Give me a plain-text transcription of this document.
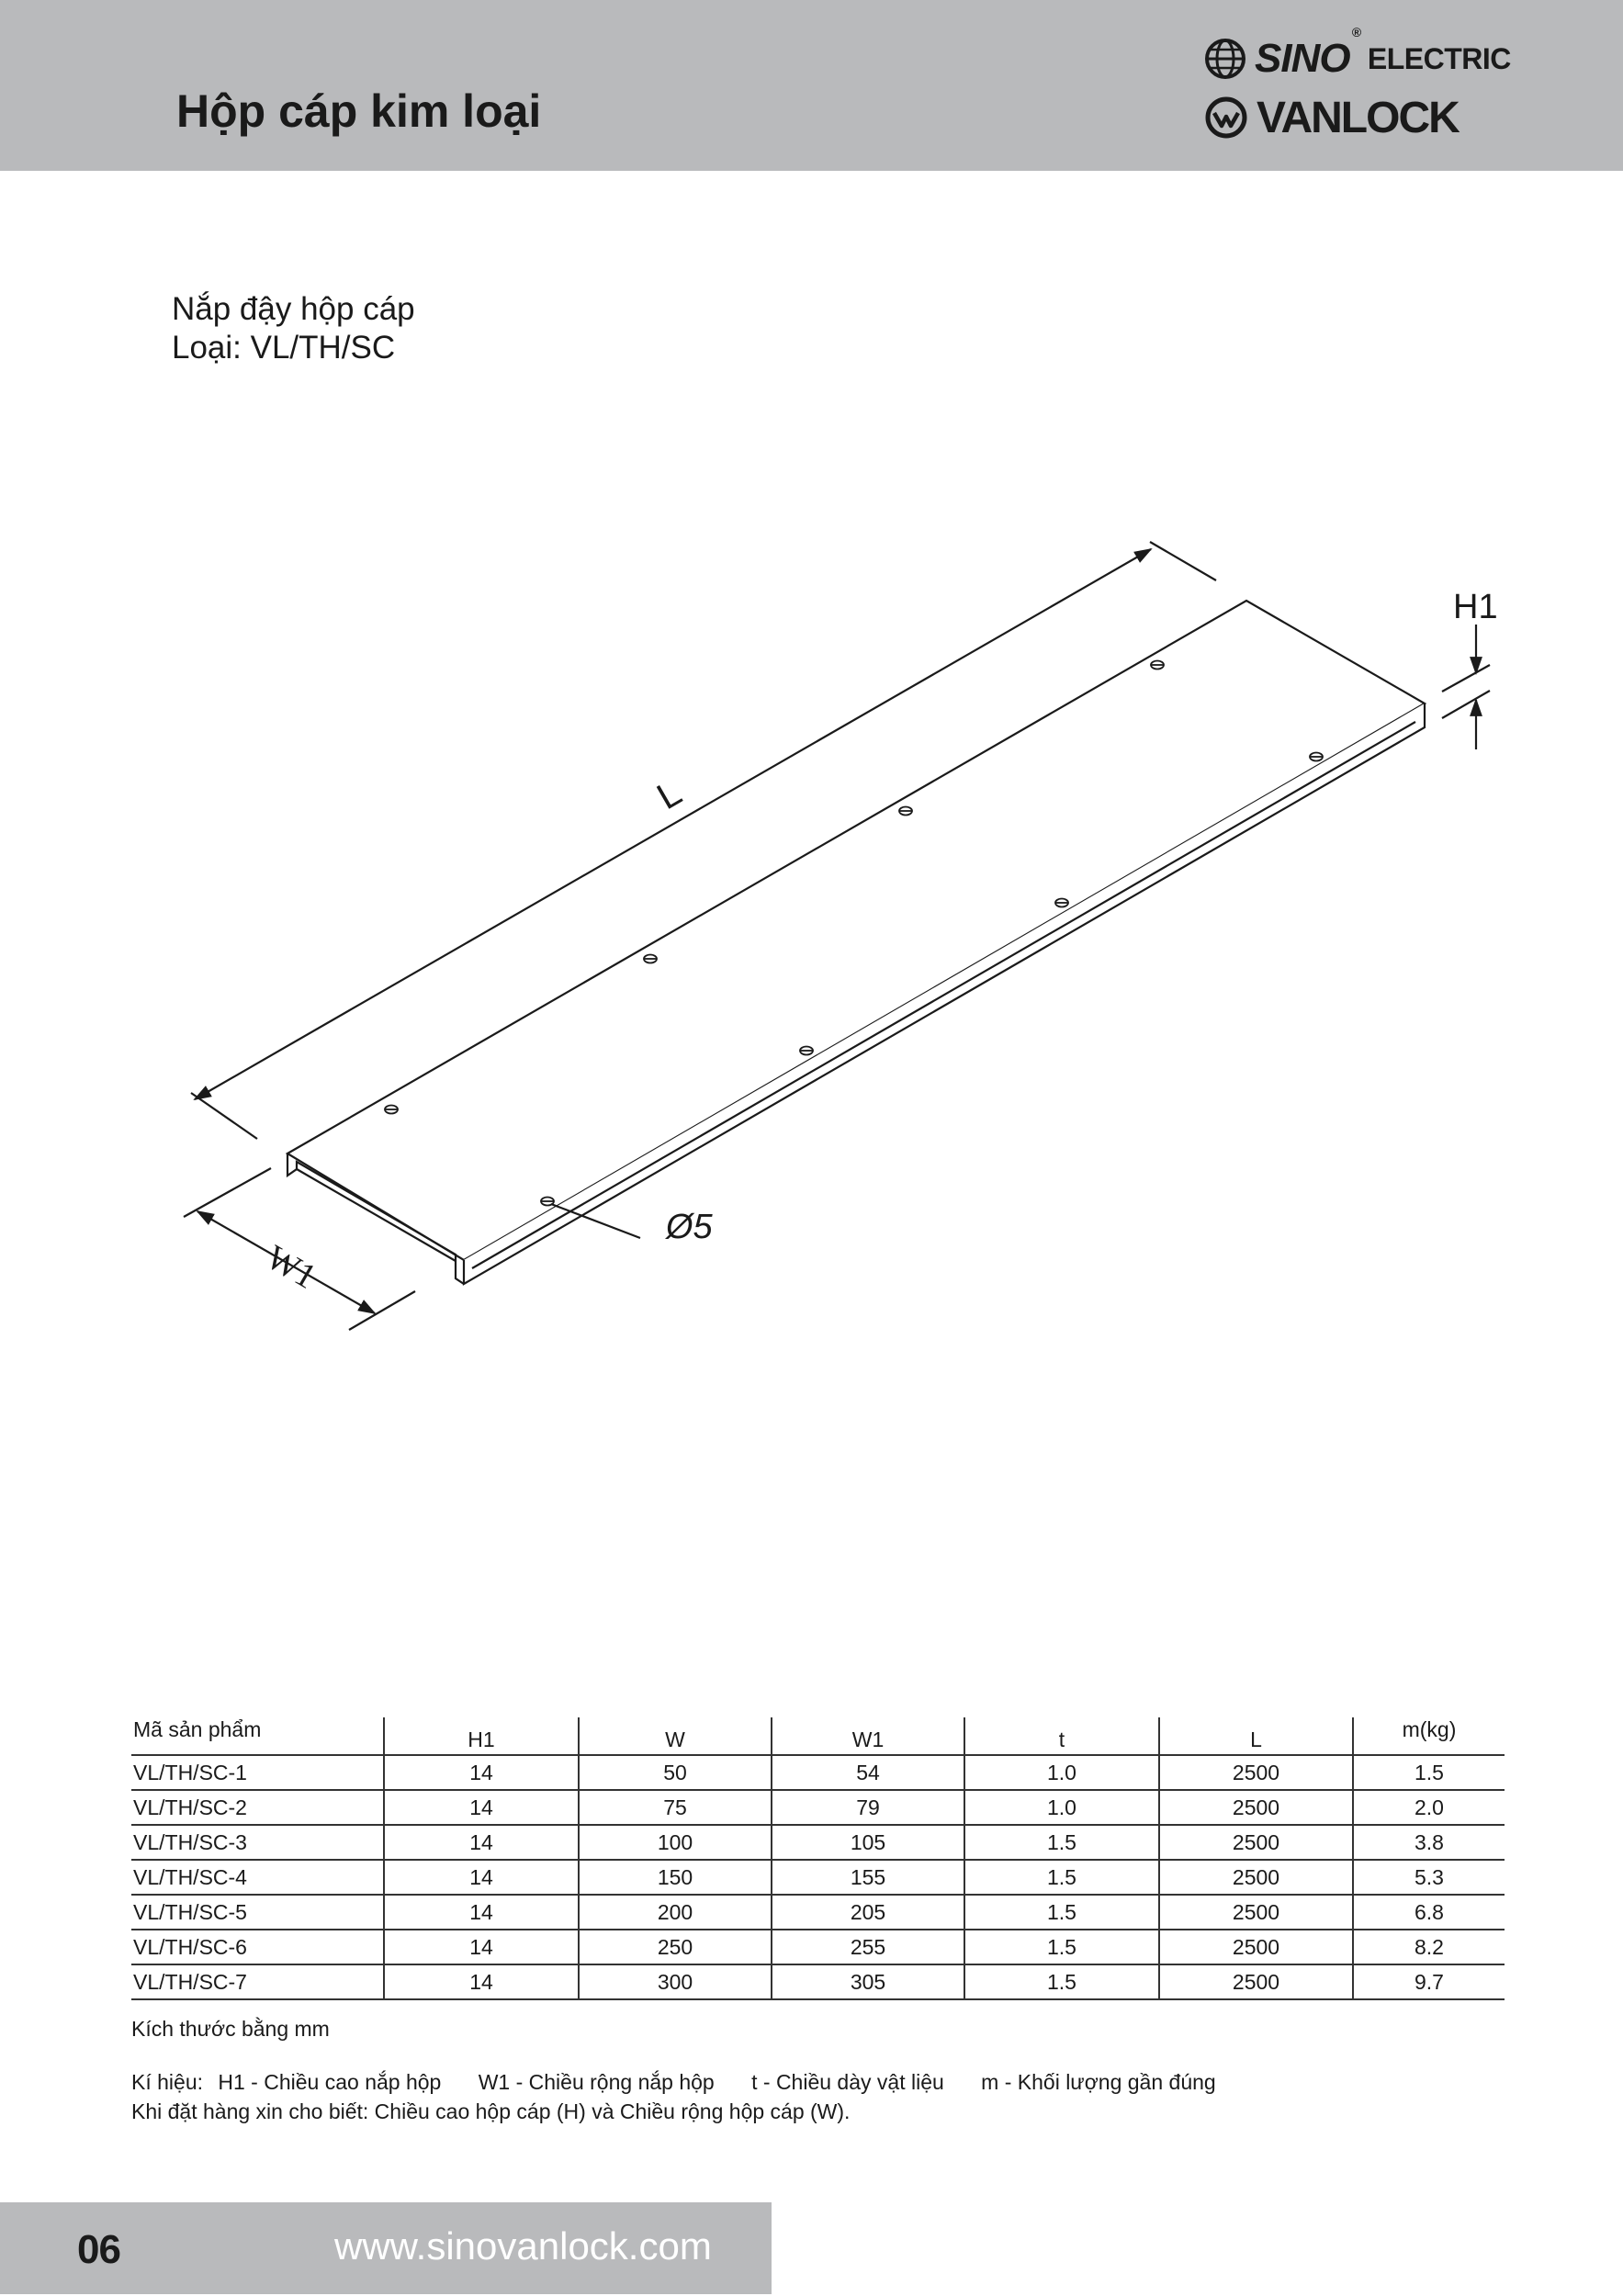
Hộp cáp kim loại
SINO®
ELECTRIC
VANLOCK
Nắp đậy hộp cáp
Loại: VL/TH/SC
L
H1
W1
Ø5
Mã sản phẩm	H1	W	W1	t	L	m(kg)
VL/TH/SC-1	14	50	54	1.0	2500	1.5
VL/TH/SC-2	14	75	79	1.0	2500	2.0
VL/TH/SC-3	14	100	105	1.5	2500	3.8
VL/TH/SC-4	14	150	155	1.5	2500	5.3
VL/TH/SC-5	14	200	205	1.5	2500	6.8
VL/TH/SC-6	14	250	255	1.5	2500	8.2
VL/TH/SC-7	14	300	305	1.5	2500	9.7
Kích thước bằng mm
Kí hiệu: H1 - Chiều cao nắp hộp W1 - Chiều rộng nắp hộp t - Chiều dày vật liệu m - Khối lượng gần đúng
Khi đặt hàng xin cho biết: Chiều cao hộp cáp (H) và Chiều rộng hộp cáp (W).
06	www.sinovanlock.com
